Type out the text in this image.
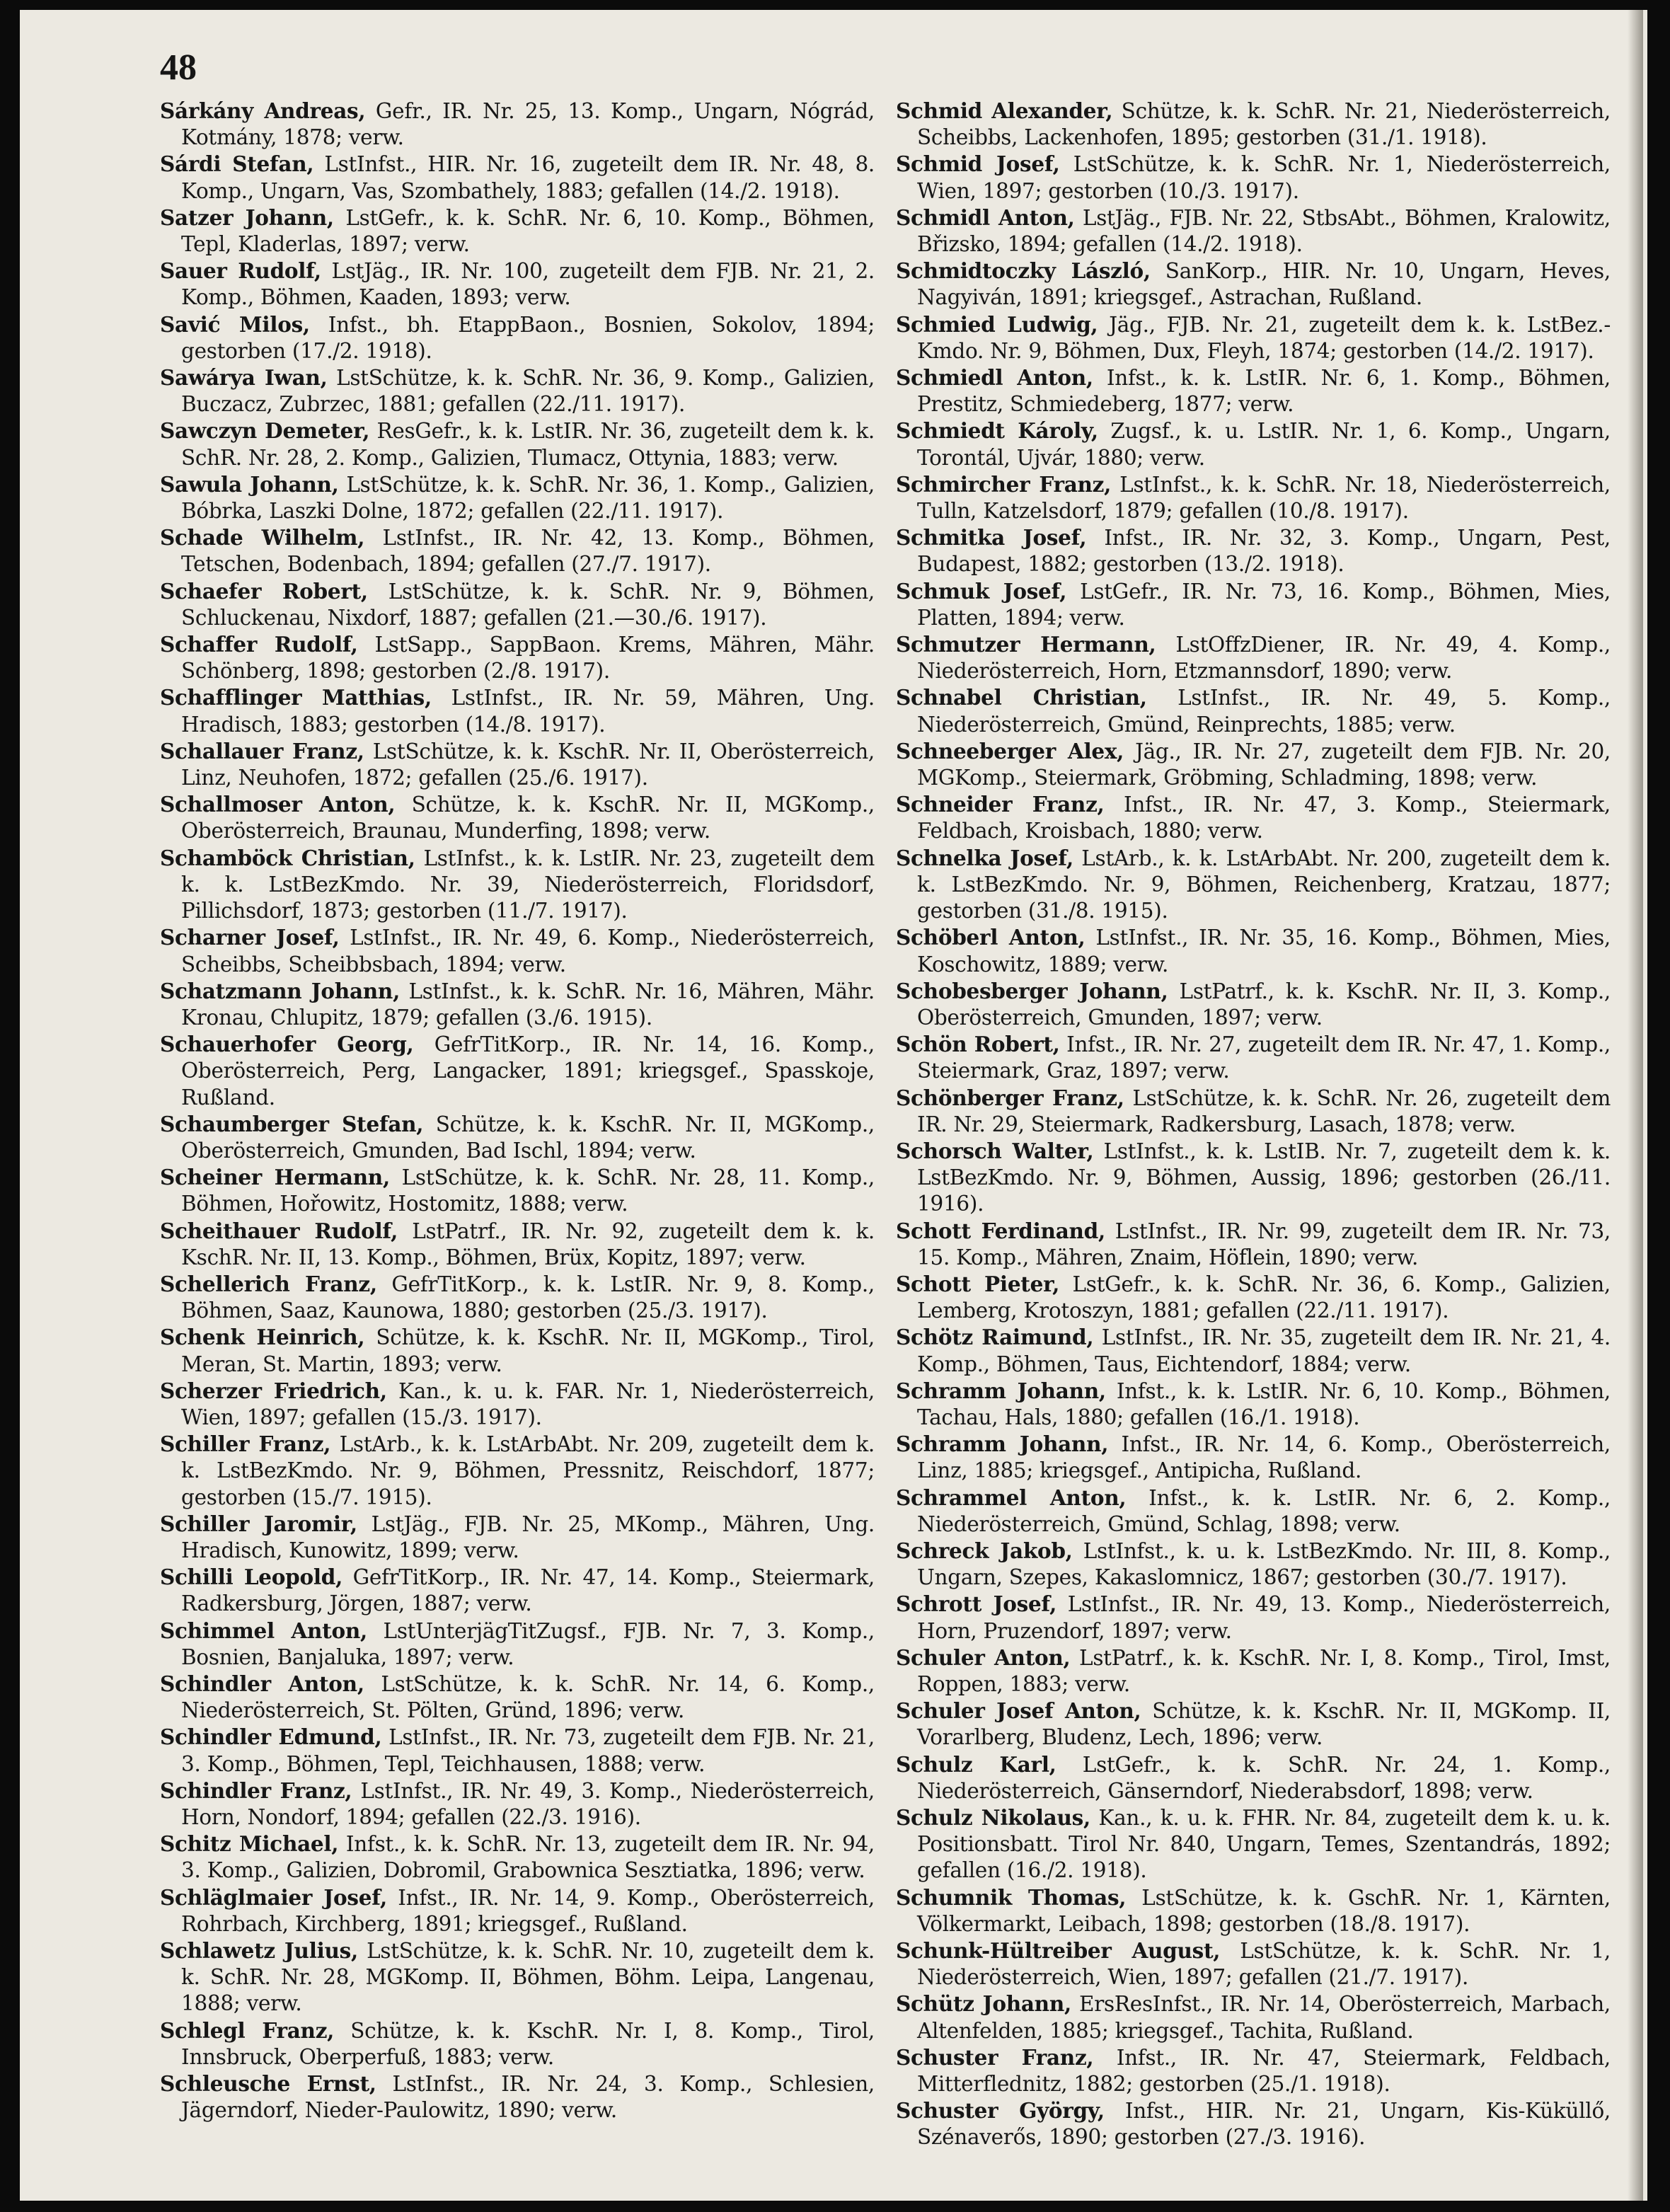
48
Sárkány Andreas, Gefr., IR. Nr. 25, 13. Komp., Ungarn, Nógrád, Kotmány, 1878; verw.
Sárdi Stefan, LstInfst., HIR. Nr. 16, zugeteilt dem IR. Nr. 48, 8. Komp., Ungarn, Vas, Szombathely, 1883; gefallen (14./2. 1918).
Satzer Johann, LstGefr., k. k. SchR. Nr. 6, 10. Komp., Böhmen, Tepl, Kladerlas, 1897; verw.
Sauer Rudolf, LstJäg., IR. Nr. 100, zugeteilt dem FJB. Nr. 21, 2. Komp., Böhmen, Kaaden, 1893; verw.
Savić Milos, Infst., bh. EtappBaon., Bosnien, Sokolov, 1894; gestorben (17./2. 1918).
Sawárya Iwan, LstSchütze, k. k. SchR. Nr. 36, 9. Komp., Galizien, Buczacz, Zubrzec, 1881; gefallen (22./11. 1917).
Sawczyn Demeter, ResGefr., k. k. LstIR. Nr. 36, zugeteilt dem k. k. SchR. Nr. 28, 2. Komp., Galizien, Tlumacz, Ottynia, 1883; verw.
Sawula Johann, LstSchütze, k. k. SchR. Nr. 36, 1. Komp., Galizien, Bóbrka, Laszki Dolne, 1872; gefallen (22./11. 1917).
Schade Wilhelm, LstInfst., IR. Nr. 42, 13. Komp., Böhmen, Tetschen, Bodenbach, 1894; gefallen (27./7. 1917).
Schaefer Robert, LstSchütze, k. k. SchR. Nr. 9, Böhmen, Schluckenau, Nixdorf, 1887; gefallen (21.—30./6. 1917).
Schaffer Rudolf, LstSapp., SappBaon. Krems, Mähren, Mähr. Schönberg, 1898; gestorben (2./8. 1917).
Schafflinger Matthias, LstInfst., IR. Nr. 59, Mähren, Ung. Hradisch, 1883; gestorben (14./8. 1917).
Schallauer Franz, LstSchütze, k. k. KschR. Nr. II, Oberösterreich, Linz, Neuhofen, 1872; gefallen (25./6. 1917).
Schallmoser Anton, Schütze, k. k. KschR. Nr. II, MGKomp., Oberösterreich, Braunau, Munderfing, 1898; verw.
Schamböck Christian, LstInfst., k. k. LstIR. Nr. 23, zugeteilt dem k. k. LstBezKmdo. Nr. 39, Niederösterreich, Floridsdorf, Pillichsdorf, 1873; gestorben (11./7. 1917).
Scharner Josef, LstInfst., IR. Nr. 49, 6. Komp., Niederösterreich, Scheibbs, Scheibbsbach, 1894; verw.
Schatzmann Johann, LstInfst., k. k. SchR. Nr. 16, Mähren, Mähr. Kronau, Chlupitz, 1879; gefallen (3./6. 1915).
Schauerhofer Georg, GefrTitKorp., IR. Nr. 14, 16. Komp., Oberösterreich, Perg, Langacker, 1891; kriegsgef., Spasskoje, Rußland.
Schaumberger Stefan, Schütze, k. k. KschR. Nr. II, MGKomp., Oberösterreich, Gmunden, Bad Ischl, 1894; verw.
Scheiner Hermann, LstSchütze, k. k. SchR. Nr. 28, 11. Komp., Böhmen, Hořowitz, Hostomitz, 1888; verw.
Scheithauer Rudolf, LstPatrf., IR. Nr. 92, zugeteilt dem k. k. KschR. Nr. II, 13. Komp., Böhmen, Brüx, Kopitz, 1897; verw.
Schellerich Franz, GefrTitKorp., k. k. LstIR. Nr. 9, 8. Komp., Böhmen, Saaz, Kaunowa, 1880; gestorben (25./3. 1917).
Schenk Heinrich, Schütze, k. k. KschR. Nr. II, MGKomp., Tirol, Meran, St. Martin, 1893; verw.
Scherzer Friedrich, Kan., k. u. k. FAR. Nr. 1, Niederösterreich, Wien, 1897; gefallen (15./3. 1917).
Schiller Franz, LstArb., k. k. LstArbAbt. Nr. 209, zugeteilt dem k. k. LstBezKmdo. Nr. 9, Böhmen, Pressnitz, Reischdorf, 1877; gestorben (15./7. 1915).
Schiller Jaromir, LstJäg., FJB. Nr. 25, MKomp., Mähren, Ung. Hradisch, Kunowitz, 1899; verw.
Schilli Leopold, GefrTitKorp., IR. Nr. 47, 14. Komp., Steiermark, Radkersburg, Jörgen, 1887; verw.
Schimmel Anton, LstUnterjägTitZugsf., FJB. Nr. 7, 3. Komp., Bosnien, Banjaluka, 1897; verw.
Schindler Anton, LstSchütze, k. k. SchR. Nr. 14, 6. Komp., Niederösterreich, St. Pölten, Gründ, 1896; verw.
Schindler Edmund, LstInfst., IR. Nr. 73, zugeteilt dem FJB. Nr. 21, 3. Komp., Böhmen, Tepl, Teichhausen, 1888; verw.
Schindler Franz, LstInfst., IR. Nr. 49, 3. Komp., Niederösterreich, Horn, Nondorf, 1894; gefallen (22./3. 1916).
Schitz Michael, Infst., k. k. SchR. Nr. 13, zugeteilt dem IR. Nr. 94, 3. Komp., Galizien, Dobromil, Grabownica Sesztiatka, 1896; verw.
Schläglmaier Josef, Infst., IR. Nr. 14, 9. Komp., Oberösterreich, Rohrbach, Kirchberg, 1891; kriegsgef., Rußland.
Schlawetz Julius, LstSchütze, k. k. SchR. Nr. 10, zugeteilt dem k. k. SchR. Nr. 28, MGKomp. II, Böhmen, Böhm. Leipa, Langenau, 1888; verw.
Schlegl Franz, Schütze, k. k. KschR. Nr. I, 8. Komp., Tirol, Innsbruck, Oberperfuß, 1883; verw.
Schleusche Ernst, LstInfst., IR. Nr. 24, 3. Komp., Schlesien, Jägerndorf, Nieder-Paulowitz, 1890; verw.
Schmid Alexander, Schütze, k. k. SchR. Nr. 21, Niederösterreich, Scheibbs, Lackenhofen, 1895; gestorben (31./1. 1918).
Schmid Josef, LstSchütze, k. k. SchR. Nr. 1, Niederösterreich, Wien, 1897; gestorben (10./3. 1917).
Schmidl Anton, LstJäg., FJB. Nr. 22, StbsAbt., Böhmen, Kralowitz, Břizsko, 1894; gefallen (14./2. 1918).
Schmidtoczky László, SanKorp., HIR. Nr. 10, Ungarn, Heves, Nagyiván, 1891; kriegsgef., Astrachan, Rußland.
Schmied Ludwig, Jäg., FJB. Nr. 21, zugeteilt dem k. k. LstBez.-Kmdo. Nr. 9, Böhmen, Dux, Fleyh, 1874; gestorben (14./2. 1917).
Schmiedl Anton, Infst., k. k. LstIR. Nr. 6, 1. Komp., Böhmen, Prestitz, Schmiedeberg, 1877; verw.
Schmiedt Károly, Zugsf., k. u. LstIR. Nr. 1, 6. Komp., Ungarn, Torontál, Ujvár, 1880; verw.
Schmircher Franz, LstInfst., k. k. SchR. Nr. 18, Niederösterreich, Tulln, Katzelsdorf, 1879; gefallen (10./8. 1917).
Schmitka Josef, Infst., IR. Nr. 32, 3. Komp., Ungarn, Pest, Budapest, 1882; gestorben (13./2. 1918).
Schmuk Josef, LstGefr., IR. Nr. 73, 16. Komp., Böhmen, Mies, Platten, 1894; verw.
Schmutzer Hermann, LstOffzDiener, IR. Nr. 49, 4. Komp., Niederösterreich, Horn, Etzmannsdorf, 1890; verw.
Schnabel Christian, LstInfst., IR. Nr. 49, 5. Komp., Niederösterreich, Gmünd, Reinprechts, 1885; verw.
Schneeberger Alex, Jäg., IR. Nr. 27, zugeteilt dem FJB. Nr. 20, MGKomp., Steiermark, Gröbming, Schladming, 1898; verw.
Schneider Franz, Infst., IR. Nr. 47, 3. Komp., Steiermark, Feldbach, Kroisbach, 1880; verw.
Schnelka Josef, LstArb., k. k. LstArbAbt. Nr. 200, zugeteilt dem k. k. LstBezKmdo. Nr. 9, Böhmen, Reichenberg, Kratzau, 1877; gestorben (31./8. 1915).
Schöberl Anton, LstInfst., IR. Nr. 35, 16. Komp., Böhmen, Mies, Koschowitz, 1889; verw.
Schobesberger Johann, LstPatrf., k. k. KschR. Nr. II, 3. Komp., Oberösterreich, Gmunden, 1897; verw.
Schön Robert, Infst., IR. Nr. 27, zugeteilt dem IR. Nr. 47, 1. Komp., Steiermark, Graz, 1897; verw.
Schönberger Franz, LstSchütze, k. k. SchR. Nr. 26, zugeteilt dem IR. Nr. 29, Steiermark, Radkersburg, Lasach, 1878; verw.
Schorsch Walter, LstInfst., k. k. LstIB. Nr. 7, zugeteilt dem k. k. LstBezKmdo. Nr. 9, Böhmen, Aussig, 1896; gestorben (26./11. 1916).
Schott Ferdinand, LstInfst., IR. Nr. 99, zugeteilt dem IR. Nr. 73, 15. Komp., Mähren, Znaim, Höflein, 1890; verw.
Schott Pieter, LstGefr., k. k. SchR. Nr. 36, 6. Komp., Galizien, Lemberg, Krotoszyn, 1881; gefallen (22./11. 1917).
Schötz Raimund, LstInfst., IR. Nr. 35, zugeteilt dem IR. Nr. 21, 4. Komp., Böhmen, Taus, Eichtendorf, 1884; verw.
Schramm Johann, Infst., k. k. LstIR. Nr. 6, 10. Komp., Böhmen, Tachau, Hals, 1880; gefallen (16./1. 1918).
Schramm Johann, Infst., IR. Nr. 14, 6. Komp., Oberösterreich, Linz, 1885; kriegsgef., Antipicha, Rußland.
Schrammel Anton, Infst., k. k. LstIR. Nr. 6, 2. Komp., Niederösterreich, Gmünd, Schlag, 1898; verw.
Schreck Jakob, LstInfst., k. u. k. LstBezKmdo. Nr. III, 8. Komp., Ungarn, Szepes, Kakaslomnicz, 1867; gestorben (30./7. 1917).
Schrott Josef, LstInfst., IR. Nr. 49, 13. Komp., Niederösterreich, Horn, Pruzendorf, 1897; verw.
Schuler Anton, LstPatrf., k. k. KschR. Nr. I, 8. Komp., Tirol, Imst, Roppen, 1883; verw.
Schuler Josef Anton, Schütze, k. k. KschR. Nr. II, MGKomp. II, Vorarlberg, Bludenz, Lech, 1896; verw.
Schulz Karl, LstGefr., k. k. SchR. Nr. 24, 1. Komp., Niederösterreich, Gänserndorf, Niederabsdorf, 1898; verw.
Schulz Nikolaus, Kan., k. u. k. FHR. Nr. 84, zugeteilt dem k. u. k. Positionsbatt. Tirol Nr. 840, Ungarn, Temes, Szentandrás, 1892; gefallen (16./2. 1918).
Schumnik Thomas, LstSchütze, k. k. GschR. Nr. 1, Kärnten, Völkermarkt, Leibach, 1898; gestorben (18./8. 1917).
Schunk-Hültreiber August, LstSchütze, k. k. SchR. Nr. 1, Niederösterreich, Wien, 1897; gefallen (21./7. 1917).
Schütz Johann, ErsResInfst., IR. Nr. 14, Oberösterreich, Marbach, Altenfelden, 1885; kriegsgef., Tachita, Rußland.
Schuster Franz, Infst., IR. Nr. 47, Steiermark, Feldbach, Mitterflednitz, 1882; gestorben (25./1. 1918).
Schuster György, Infst., HIR. Nr. 21, Ungarn, Kis-Küküllő, Szénaverős, 1890; gestorben (27./3. 1916).
